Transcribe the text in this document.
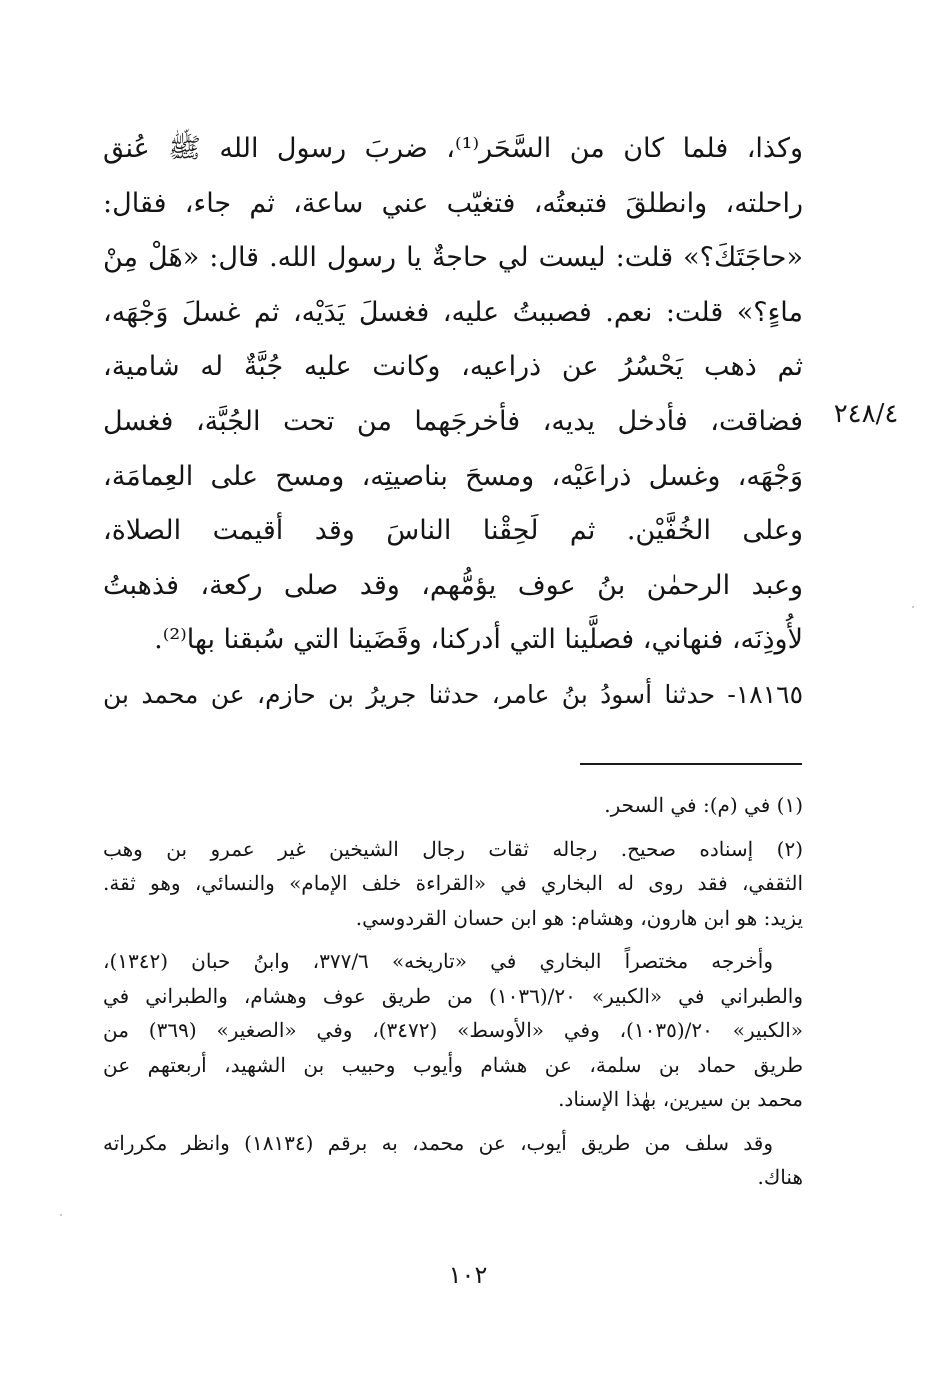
وكذا، فلما كان من السَّحَر⁽¹⁾، ضربَ رسول الله ﷺ عُنق
راحلته، وانطلقَ فتبعتُه، فتغيّب عني ساعة، ثم جاء، فقال:
«حاجَتَكَ؟» قلت: ليست لي حاجةٌ يا رسول الله. قال: «هَلْ مِنْ
ماءٍ؟» قلت: نعم. فصببتُ عليه، فغسلَ يَدَيْه، ثم غسلَ وَجْهَه،
ثم ذهب يَحْسُرُ عن ذراعيه، وكانت عليه جُبَّةٌ له شامية،
فضاقت، فأدخل يديه، فأخرجَهما من تحت الجُبَّة، فغسل
وَجْهَه، وغسل ذراعَيْه، ومسحَ بناصيتِه، ومسح على العِمامَة،
وعلى الخُفَّيْن. ثم لَحِقْنا الناسَ وقد أقيمت الصلاة،
وعبد الرحمٰن بنُ عوف يؤمُّهم، وقد صلى ركعة، فذهبتُ
لأُوذِنَه، فنهاني، فصلَّينا التي أدركنا، وقَضَينا التي سُبقنا بها⁽²⁾.
١٨١٦٥- حدثنا أسودُ بنُ عامر، حدثنا جريرُ بن حازم، عن محمد بن
٢٤٨/٤
(١) في (م): في السحر.
(٢) إسناده صحيح. رجاله ثقات رجال الشيخين غير عمرو بن وهب
الثقفي، فقد روى له البخاري في «القراءة خلف الإمام» والنسائي، وهو ثقة.
يزيد: هو ابن هارون، وهشام: هو ابن حسان القردوسي.
وأخرجه مختصراً البخاري في «تاريخه» ٣٧٧/٦، وابنُ حبان (١٣٤٢)،
والطبراني في «الكبير» ٢٠/(١٠٣٦) من طريق عوف وهشام، والطبراني في
«الكبير» ٢٠/(١٠٣٥)، وفي «الأوسط» (٣٤٧٢)، وفي «الصغير» (٣٦٩) من
طريق حماد بن سلمة، عن هشام وأيوب وحبيب بن الشهيد، أربعتهم عن
محمد بن سيرين، بهٰذا الإسناد.
وقد سلف من طريق أيوب، عن محمد، به برقم (١٨١٣٤) وانظر مكرراته
هناك.
١٠٢
